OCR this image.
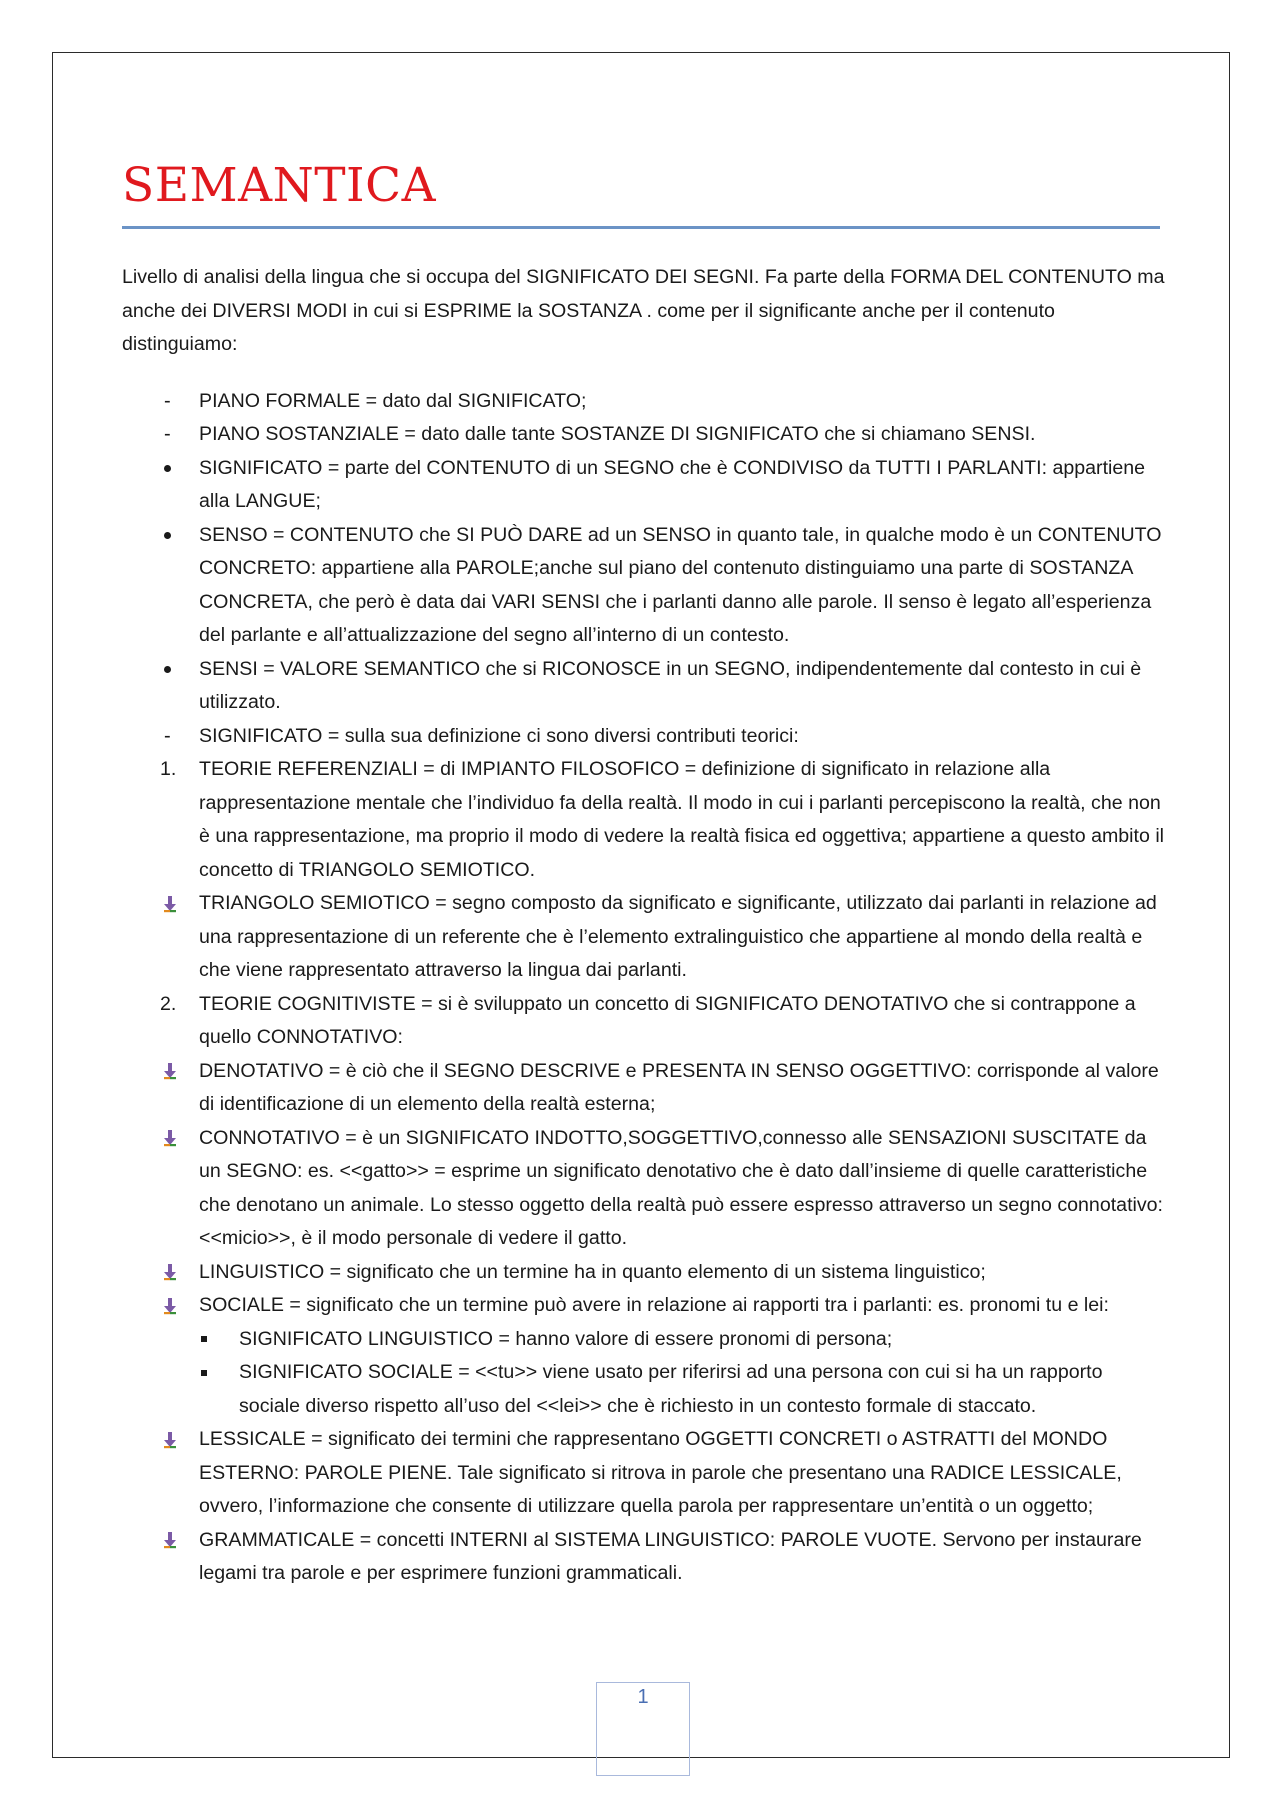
SEMANTICA

Livello di analisi della lingua che si occupa del SIGNIFICATO DEI SEGNI. Fa parte della FORMA DEL CONTENUTO ma anche dei DIVERSI MODI in cui si ESPRIME la SOSTANZA . come per il significante anche per il contenuto distinguiamo:

-
PIANO FORMALE = dato dal SIGNIFICATO;
-
PIANO SOSTANZIALE = dato dalle tante SOSTANZE DI SIGNIFICATO che si chiamano SENSI.
SIGNIFICATO = parte del CONTENUTO di un SEGNO che è CONDIVISO da TUTTI I PARLANTI: appartiene alla LANGUE;
SENSO = CONTENUTO che SI PUÒ DARE ad un SENSO in quanto tale, in qualche modo è un CONTENUTO CONCRETO: appartiene alla PAROLE;anche sul piano del contenuto distinguiamo una parte di SOSTANZA CONCRETA, che però è data dai VARI SENSI che i parlanti danno alle parole. Il senso è legato all’esperienza del parlante e all’attualizzazione del segno all’interno di un contesto.
SENSI = VALORE SEMANTICO che si RICONOSCE in un SEGNO, indipendentemente dal contesto in cui è utilizzato.
-
SIGNIFICATO = sulla sua definizione ci sono diversi contributi teorici:
1.	TEORIE REFERENZIALI = di IMPIANTO FILOSOFICO = definizione di significato in relazione alla rappresentazione mentale che l’individuo fa della realtà. Il modo in cui i parlanti percepiscono la realtà, che non è una rappresentazione, ma proprio il modo di vedere la realtà fisica ed oggettiva; appartiene a questo ambito il concetto di TRIANGOLO SEMIOTICO.
TRIANGOLO SEMIOTICO = segno composto da significato e significante, utilizzato dai parlanti in relazione ad una rappresentazione di un referente che è l’elemento extralinguistico che appartiene al mondo della realtà e che viene rappresentato attraverso la lingua dai parlanti.
2.	TEORIE COGNITIVISTE = si è sviluppato un concetto di SIGNIFICATO DENOTATIVO che si contrappone a quello CONNOTATIVO:
DENOTATIVO = è ciò che il SEGNO DESCRIVE e PRESENTA IN SENSO OGGETTIVO: corrisponde al valore di identificazione di un elemento della realtà esterna;
CONNOTATIVO = è un SIGNIFICATO INDOTTO,SOGGETTIVO,connesso alle SENSAZIONI SUSCITATE da un SEGNO: es. <<gatto>> = esprime un significato denotativo che è dato dall’insieme di quelle caratteristiche che denotano un animale. Lo stesso oggetto della realtà può essere espresso attraverso un segno connotativo:<<micio>>, è il modo personale di vedere il gatto.
LINGUISTICO = significato che un termine ha in quanto elemento di un sistema linguistico;
SOCIALE = significato che un termine può avere in relazione ai rapporti tra i parlanti: es. pronomi tu e lei:
SIGNIFICATO LINGUISTICO = hanno valore di essere pronomi di persona;
SIGNIFICATO SOCIALE = <<tu>> viene usato per riferirsi ad una persona con cui si ha un rapporto sociale diverso rispetto all’uso del <<lei>> che è richiesto in un contesto formale di staccato.
LESSICALE = significato dei termini che rappresentano OGGETTI CONCRETI o ASTRATTI del MONDO ESTERNO: PAROLE PIENE. Tale significato si ritrova in parole che presentano una RADICE LESSICALE, ovvero, l’informazione che consente di utilizzare quella parola per rappresentare un’entità o un oggetto;
GRAMMATICALE = concetti INTERNI al SISTEMA LINGUISTICO: PAROLE VUOTE. Servono per instaurare legami tra parole e per esprimere funzioni grammaticali.
1
